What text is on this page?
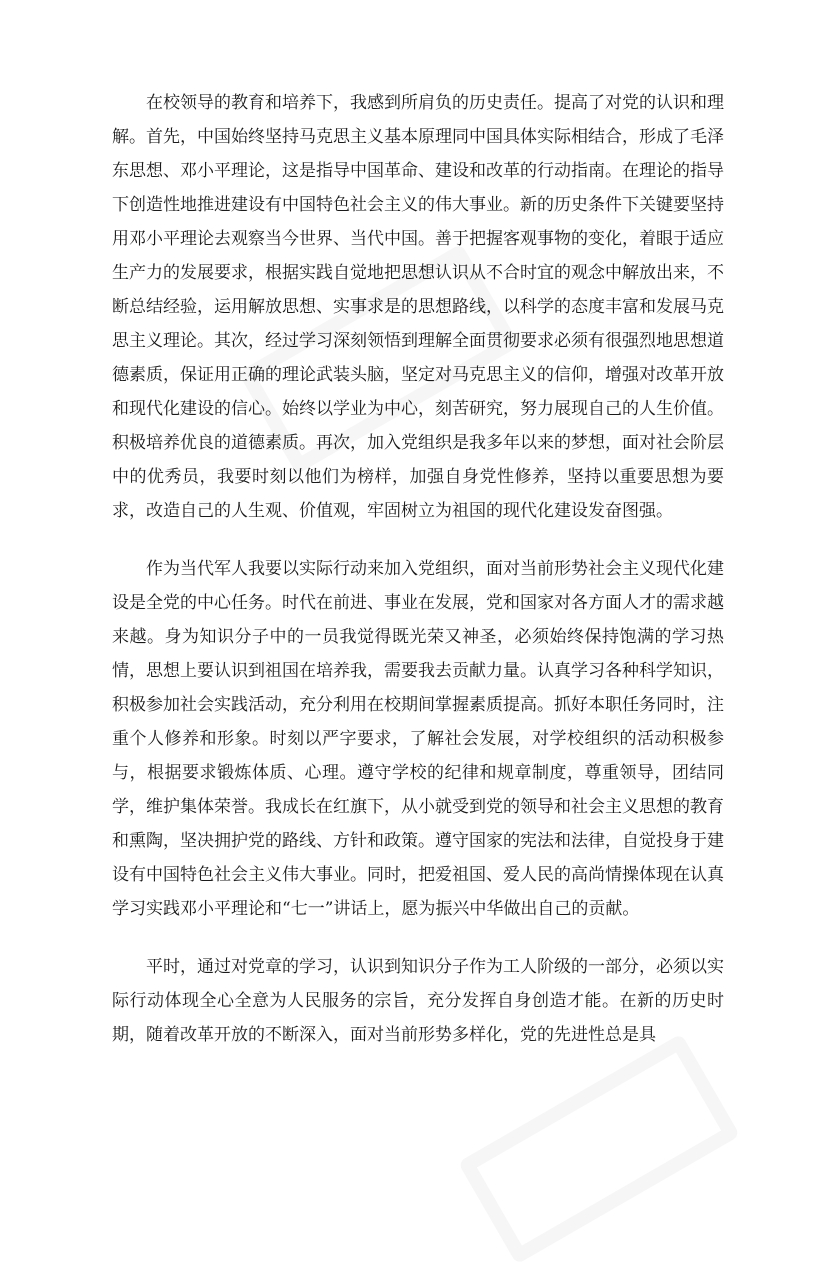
在校领导的教育和培养下，我感到所肩负的历史责任。提高了对党的认识和理解。首先，中国始终坚持马克思主义基本原理同中国具体实际相结合，形成了毛泽东思想、邓小平理论，这是指导中国革命、建设和改革的行动指南。在理论的指导下创造性地推进建设有中国特色社会主义的伟大事业。新的历史条件下关键要坚持用邓小平理论去观察当今世界、当代中国。善于把握客观事物的变化，着眼于适应生产力的发展要求，根据实践自觉地把思想认识从不合时宜的观念中解放出来，不断总结经验，运用解放思想、实事求是的思想路线，以科学的态度丰富和发展马克思主义理论。其次，经过学习深刻领悟到理解全面贯彻要求必须有很强烈地思想道德素质，保证用正确的理论武装头脑，坚定对马克思主义的信仰，增强对改革开放和现代化建设的信心。始终以学业为中心，刻苦研究，努力展现自己的人生价值。积极培养优良的道德素质。再次，加入党组织是我多年以来的梦想，面对社会阶层中的优秀员，我要时刻以他们为榜样，加强自身党性修养，坚持以重要思想为要求，改造自己的人生观、价值观，牢固树立为祖国的现代化建设发奋图强。

作为当代军人我要以实际行动来加入党组织，面对当前形势社会主义现代化建设是全党的中心任务。时代在前进、事业在发展，党和国家对各方面人才的需求越来越。身为知识分子中的一员我觉得既光荣又神圣，必须始终保持饱满的学习热情，思想上要认识到祖国在培养我，需要我去贡献力量。认真学习各种科学知识，积极参加社会实践活动，充分利用在校期间掌握素质提高。抓好本职任务同时，注重个人修养和形象。时刻以严字要求，了解社会发展，对学校组织的活动积极参与，根据要求锻炼体质、心理。遵守学校的纪律和规章制度，尊重领导，团结同学，维护集体荣誉。我成长在红旗下，从小就受到党的领导和社会主义思想的教育和熏陶，坚决拥护党的路线、方针和政策。遵守国家的宪法和法律，自觉投身于建设有中国特色社会主义伟大事业。同时，把爱祖国、爱人民的高尚情操体现在认真学习实践邓小平理论和“七一”讲话上，愿为振兴中华做出自己的贡献。

平时，通过对党章的学习，认识到知识分子作为工人阶级的一部分，必须以实际行动体现全心全意为人民服务的宗旨，充分发挥自身创造才能。在新的历史时期，随着改革开放的不断深入，面对当前形势多样化，党的先进性总是具
